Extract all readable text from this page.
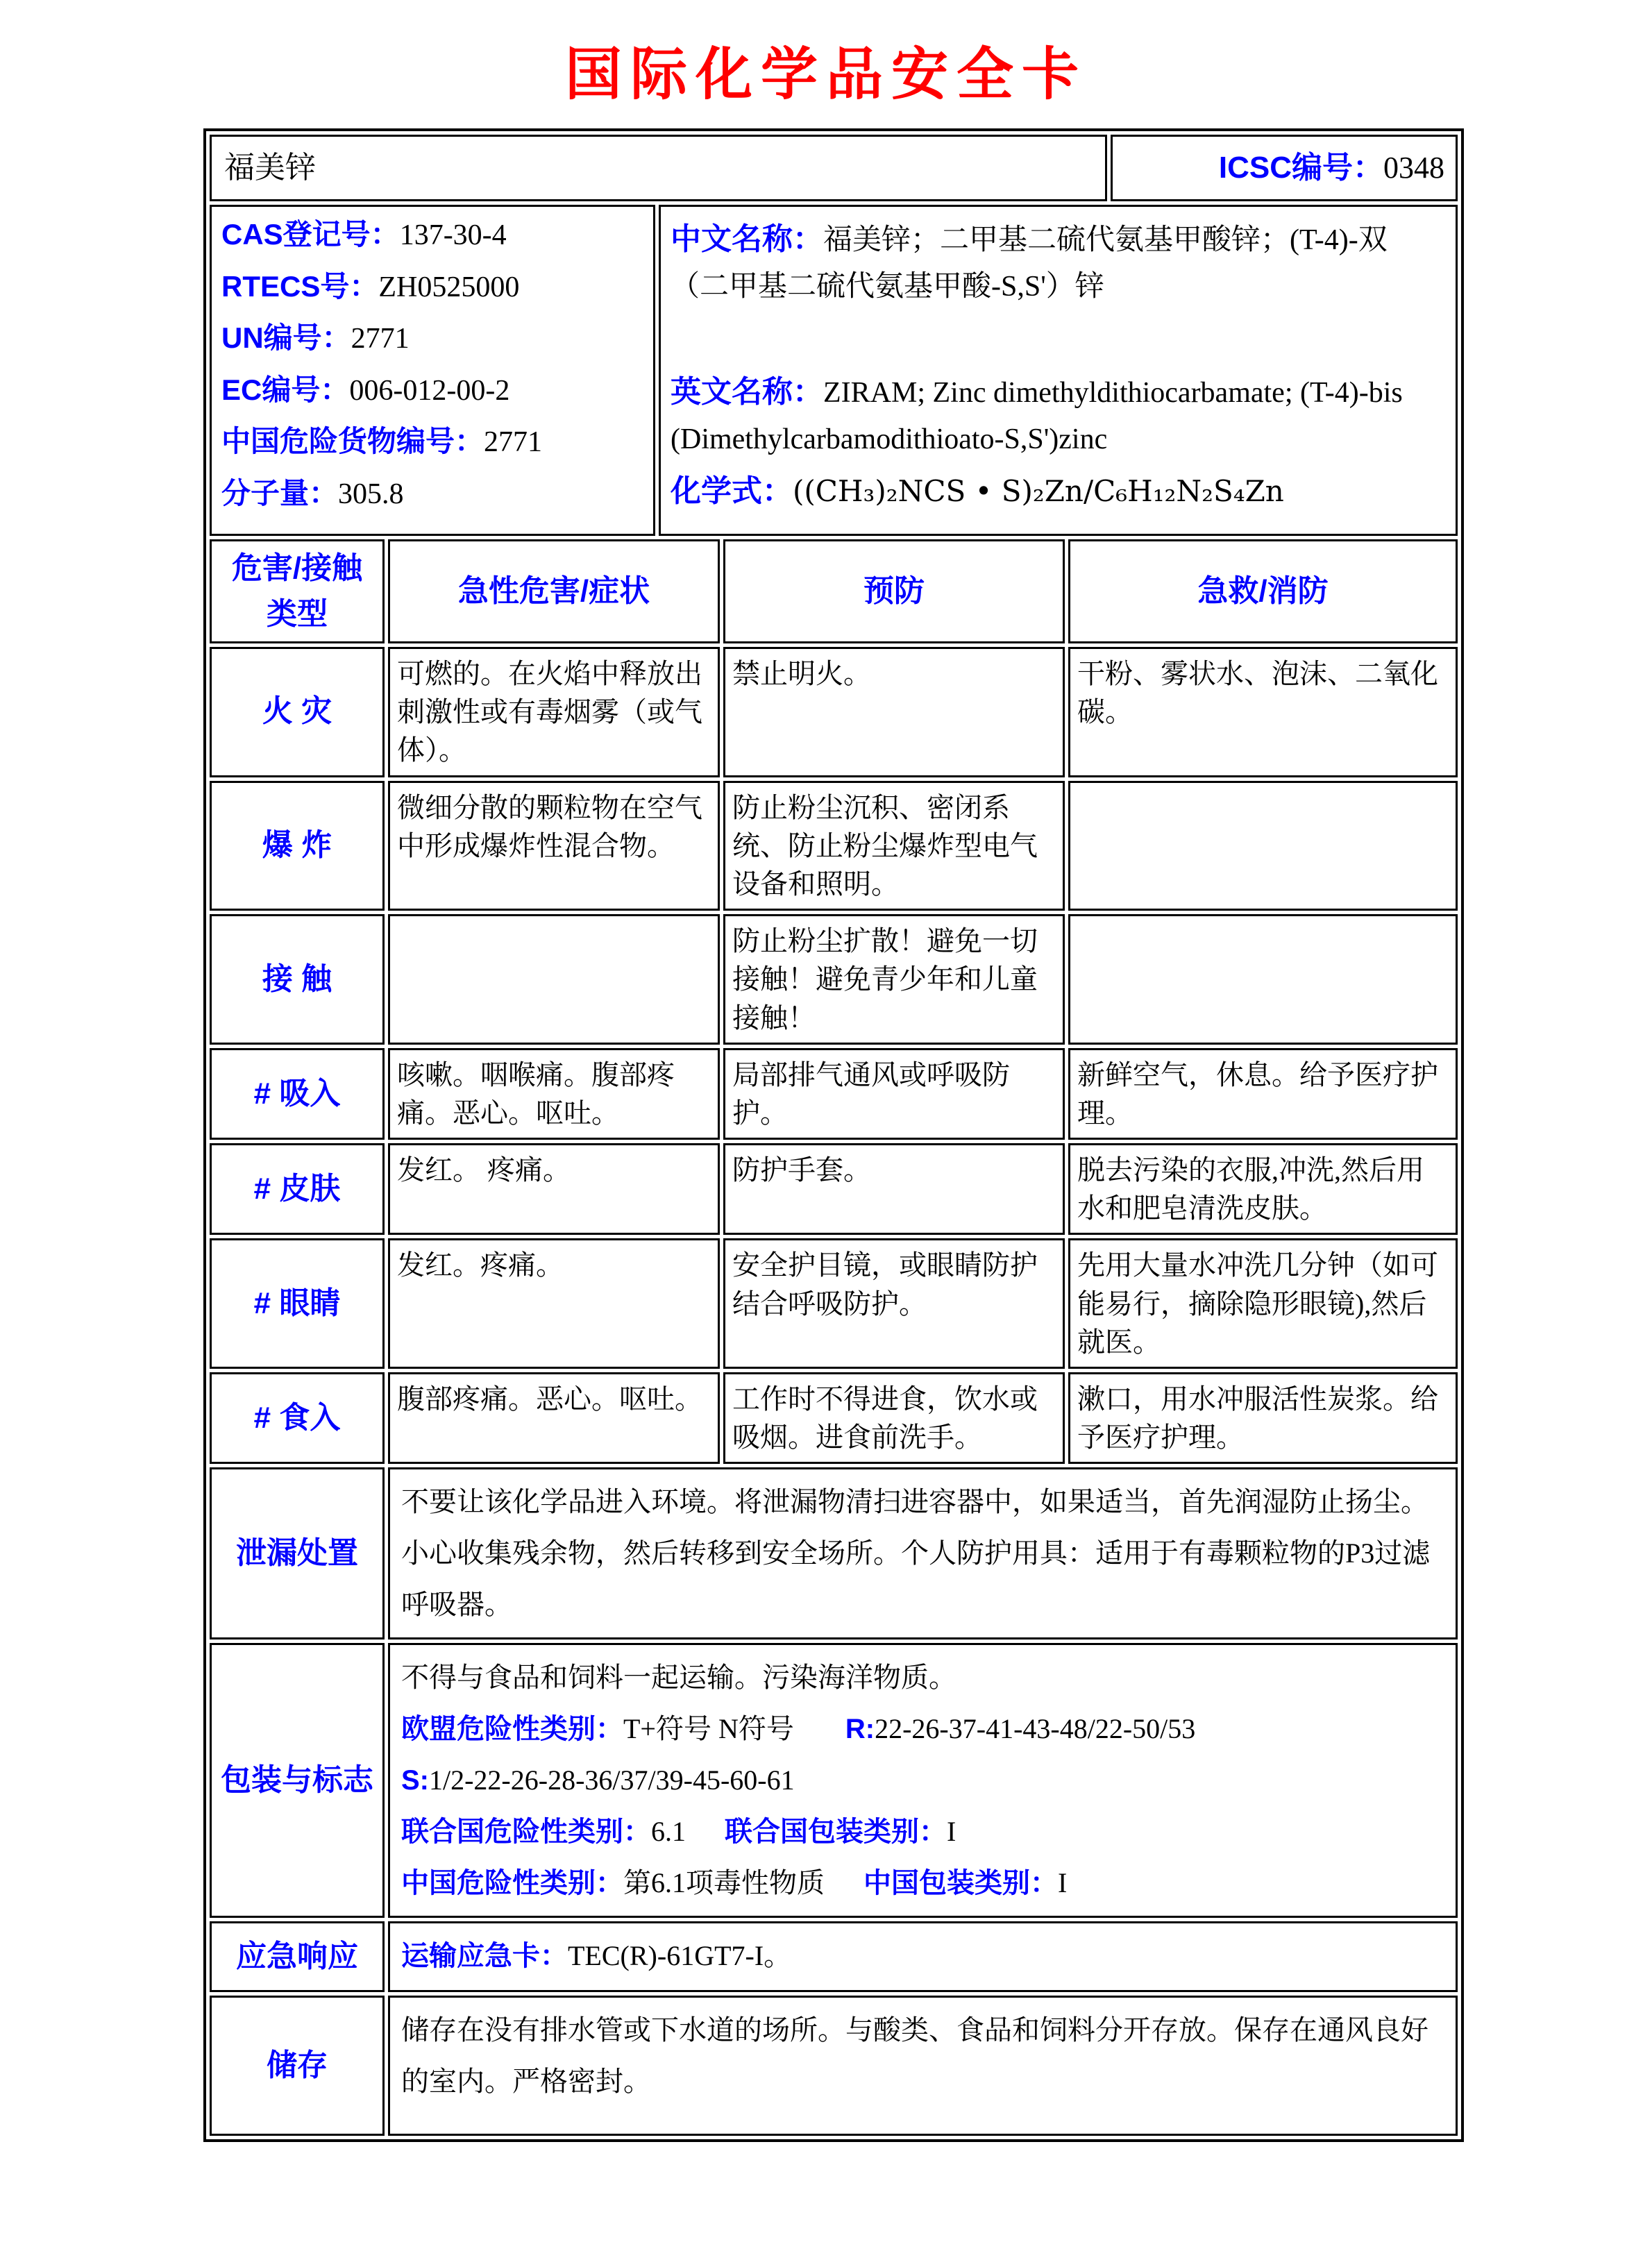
国际化学品安全卡
福美锌					ICSC编号：0348

CAS登记号：137-30-4
RTECS号：ZH0525000
UN编号：2771
EC编号：006-012-00-2
中国危险货物编号：2771
分子量：305.8

中文名称：福美锌；二甲基二硫代氨基甲酸锌；(T-4)-双（二甲基二硫代氨基甲酸-S,S'）锌
英文名称：ZIRAM; Zinc dimethyldithiocarbamate; (T-4)-bis (Dimethylcarbamodithioato-S,S')zinc
化学式：((CH₃)₂NCS • S)₂Zn/C₆H₁₂N₂S₄Zn

危害/接触 类型	急性危害/症状		预防	急救/消防	
火 灾	可燃的。在火焰中释放出刺激性或有毒烟雾（或气体）。		禁止明火。	干粉、雾状水、泡沫、二氧化碳。	
爆 炸	微细分散的颗粒物在空气中形成爆炸性混合物。		防止粉尘沉积、密闭系统、防止粉尘爆炸型电气设备和照明。		
接 触			防止粉尘扩散！避免一切接触！避免青少年和儿童接触！		
# 吸入	咳嗽。咽喉痛。腹部疼痛。恶心。呕吐。		局部排气通风或呼吸防护。	新鲜空气，休息。给予医疗护理。	
# 皮肤	发红。 疼痛。		防护手套。	脱去污染的衣服,冲洗,然后用水和肥皂清洗皮肤。	
# 眼睛	发红。疼痛。		安全护目镜，或眼睛防护结合呼吸防护。	先用大量水冲洗几分钟（如可能易行，摘除隐形眼镜),然后就医。	
# 食入	腹部疼痛。恶心。呕吐。		工作时不得进食，饮水或吸烟。进食前洗手。	漱口，用水冲服活性炭浆。给予医疗护理。	
泄漏处置	不要让该化学品进入环境。将泄漏物清扫进容器中，如果适当，首先润湿防止扬尘。小心收集残余物，然后转移到安全场所。个人防护用具：适用于有毒颗粒物的P3过滤呼吸器。				
包装与标志	不得与食品和饲料一起运输。污染海洋物质。
欧盟危险性类别：T+符号 N符号 R:22-26-37-41-43-48/22-50/53
S:1/2-22-26-28-36/37/39-45-60-61
联合国危险性类别：6.1 联合国包装类别：I
中国危险性类别：第6.1项毒性物质 中国包装类别：I				

应急响应	运输应急卡：TEC(R)-61GT7-I。				
储存	储存在没有排水管或下水道的场所。与酸类、食品和饲料分开存放。保存在通风良好的室内。严格密封。				
